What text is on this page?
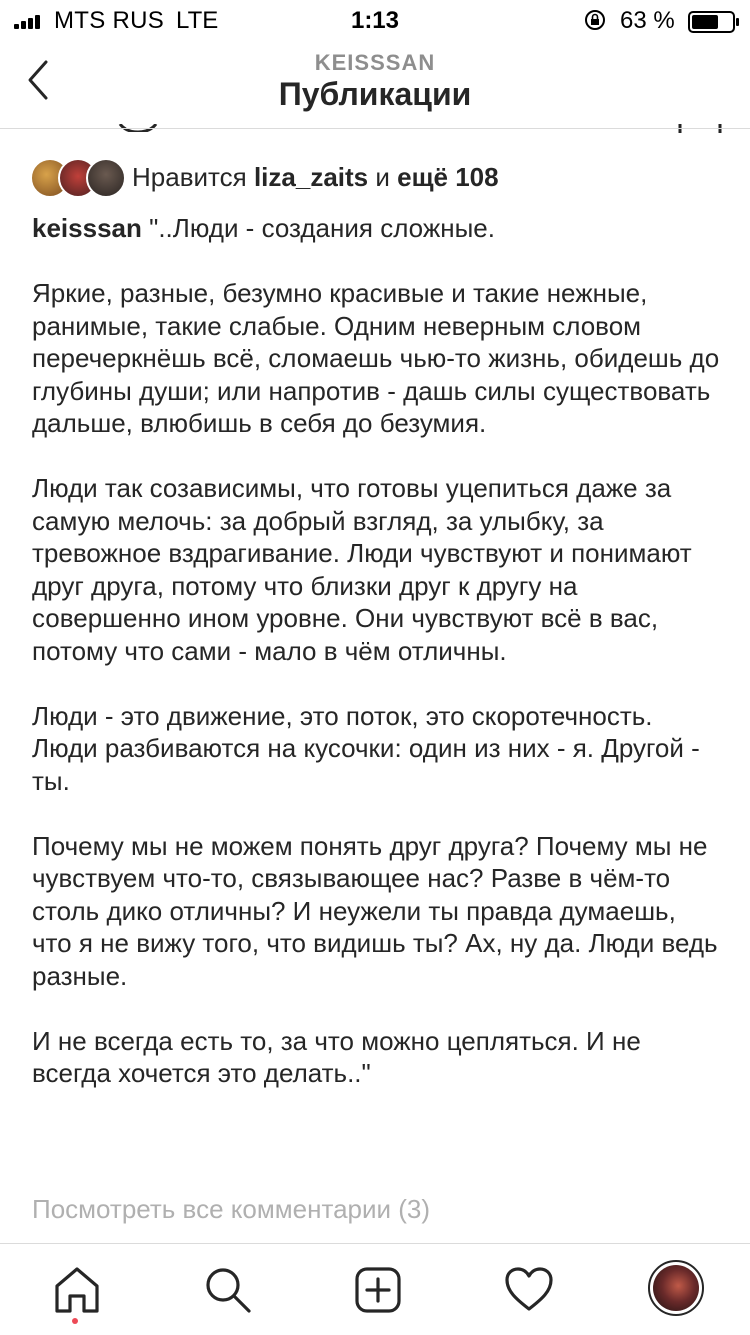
MTS RUS LTE	1:13	63 %
KEISSSAN
Публикации
Нравится liza_zaits и ещё 108

keisssan "..Люди - создания сложные.

Яркие, разные, безумно красивые и такие нежные, ранимые, такие слабые. Одним неверным словом перечеркнёшь всё, сломаешь чью-то жизнь, обидешь до глубины души; или напротив - дашь силы существовать дальше, влюбишь в себя до безумия.

Люди так созависимы, что готовы уцепиться даже за самую мелочь: за добрый взгляд, за улыбку, за тревожное вздрагивание. Люди чувствуют и понимают друг друга, потому что близки друг к другу на совершенно ином уровне. Они чувствуют всё в вас, потому что сами - мало в чём отличны.

Люди - это движение, это поток, это скоротечность. Люди разбиваются на кусочки: один из них - я. Другой - ты.

Почему мы не можем понять друг друга? Почему мы не чувствуем что-то, связывающее нас? Разве в чём-то столь дико отличны? И неужели ты правда думаешь, что я не вижу того, что видишь ты? Ах, ну да. Люди ведь разные.

И не всегда есть то, за что можно цепляться. И не всегда хочется это делать.."

Посмотреть все комментарии (3)
